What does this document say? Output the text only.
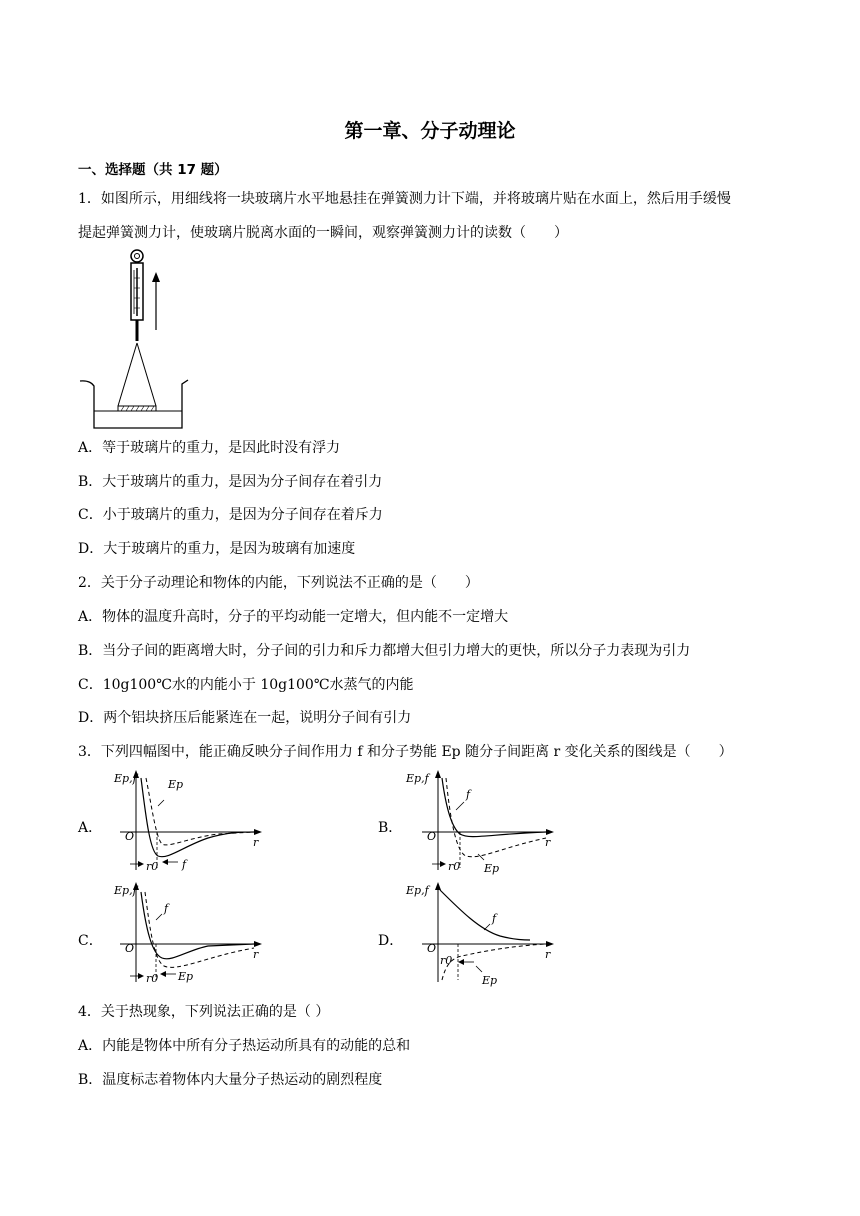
第一章、分子动理论
一、选择题（共 17 题）
1．如图所示，用细线将一块玻璃片水平地悬挂在弹簧测力计下端，并将玻璃片贴在水面上，然后用手缓慢
提起弹簧测力计，使玻璃片脱离水面的一瞬间，观察弹簧测力计的读数（　　）
A．等于玻璃片的重力，是因此时没有浮力
B．大于玻璃片的重力，是因为分子间存在着引力
C．小于玻璃片的重力，是因为分子间存在着斥力
D．大于玻璃片的重力，是因为玻璃有加速度
2．关于分子动理论和物体的内能，下列说法不正确的是（　　）
A．物体的温度升高时，分子的平均动能一定增大，但内能不一定增大
B．当分子间的距离增大时，分子间的引力和斥力都增大但引力增大的更快，所以分子力表现为引力
C．10g100℃水的内能小于 10g100℃水蒸气的内能
D．两个铝块挤压后能紧连在一起，说明分子间有引力
3．下列四幅图中，能正确反映分子间作用力 f 和分子势能 Ep 随分子间距离 r 变化关系的图线是（　　）
A．	B．
C．	D．
Ep,f
O	r
Ep
r0 f
Ep,f
O	r
f
r0 Ep
Ep,f
O	r
f
r0 Ep
Ep,f
O	r
f
r0
Ep
4．关于热现象，下列说法正确的是（ ）
A．内能是物体中所有分子热运动所具有的动能的总和
B．温度标志着物体内大量分子热运动的剧烈程度
